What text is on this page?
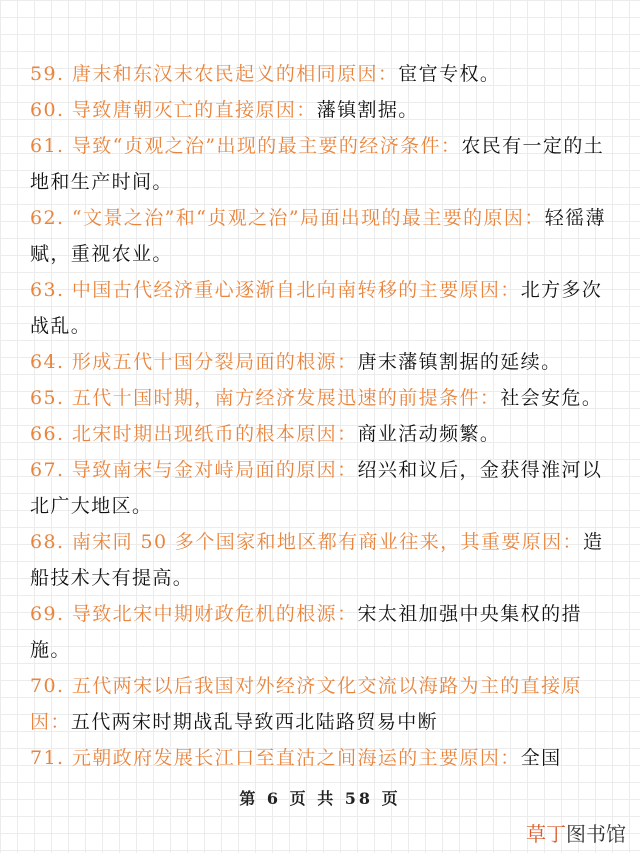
59. 唐末和东汉末农民起义的相同原因：宦官专权。

60. 导致唐朝灭亡的直接原因：藩镇割据。

61. 导致“贞观之治”出现的最主要的经济条件：农民有一定的土地和生产时间。

62. “文景之治”和“贞观之治”局面出现的最主要的原因：轻徭薄赋，重视农业。

63. 中国古代经济重心逐渐自北向南转移的主要原因：北方多次战乱。

64. 形成五代十国分裂局面的根源：唐末藩镇割据的延续。

65. 五代十国时期，南方经济发展迅速的前提条件：社会安危。

66. 北宋时期出现纸币的根本原因：商业活动频繁。

67. 导致南宋与金对峙局面的原因：绍兴和议后，金获得淮河以北广大地区。

68. 南宋同 50 多个国家和地区都有商业往来，其重要原因：造船技术大有提高。

69. 导致北宋中期财政危机的根源：宋太祖加强中央集权的措施。

70. 五代两宋以后我国对外经济文化交流以海路为主的直接原因：五代两宋时期战乱导致西北陆路贸易中断

71. 元朝政府发展长江口至直沽之间海运的主要原因：全国

第 6 页 共 58 页
草丁图书馆
